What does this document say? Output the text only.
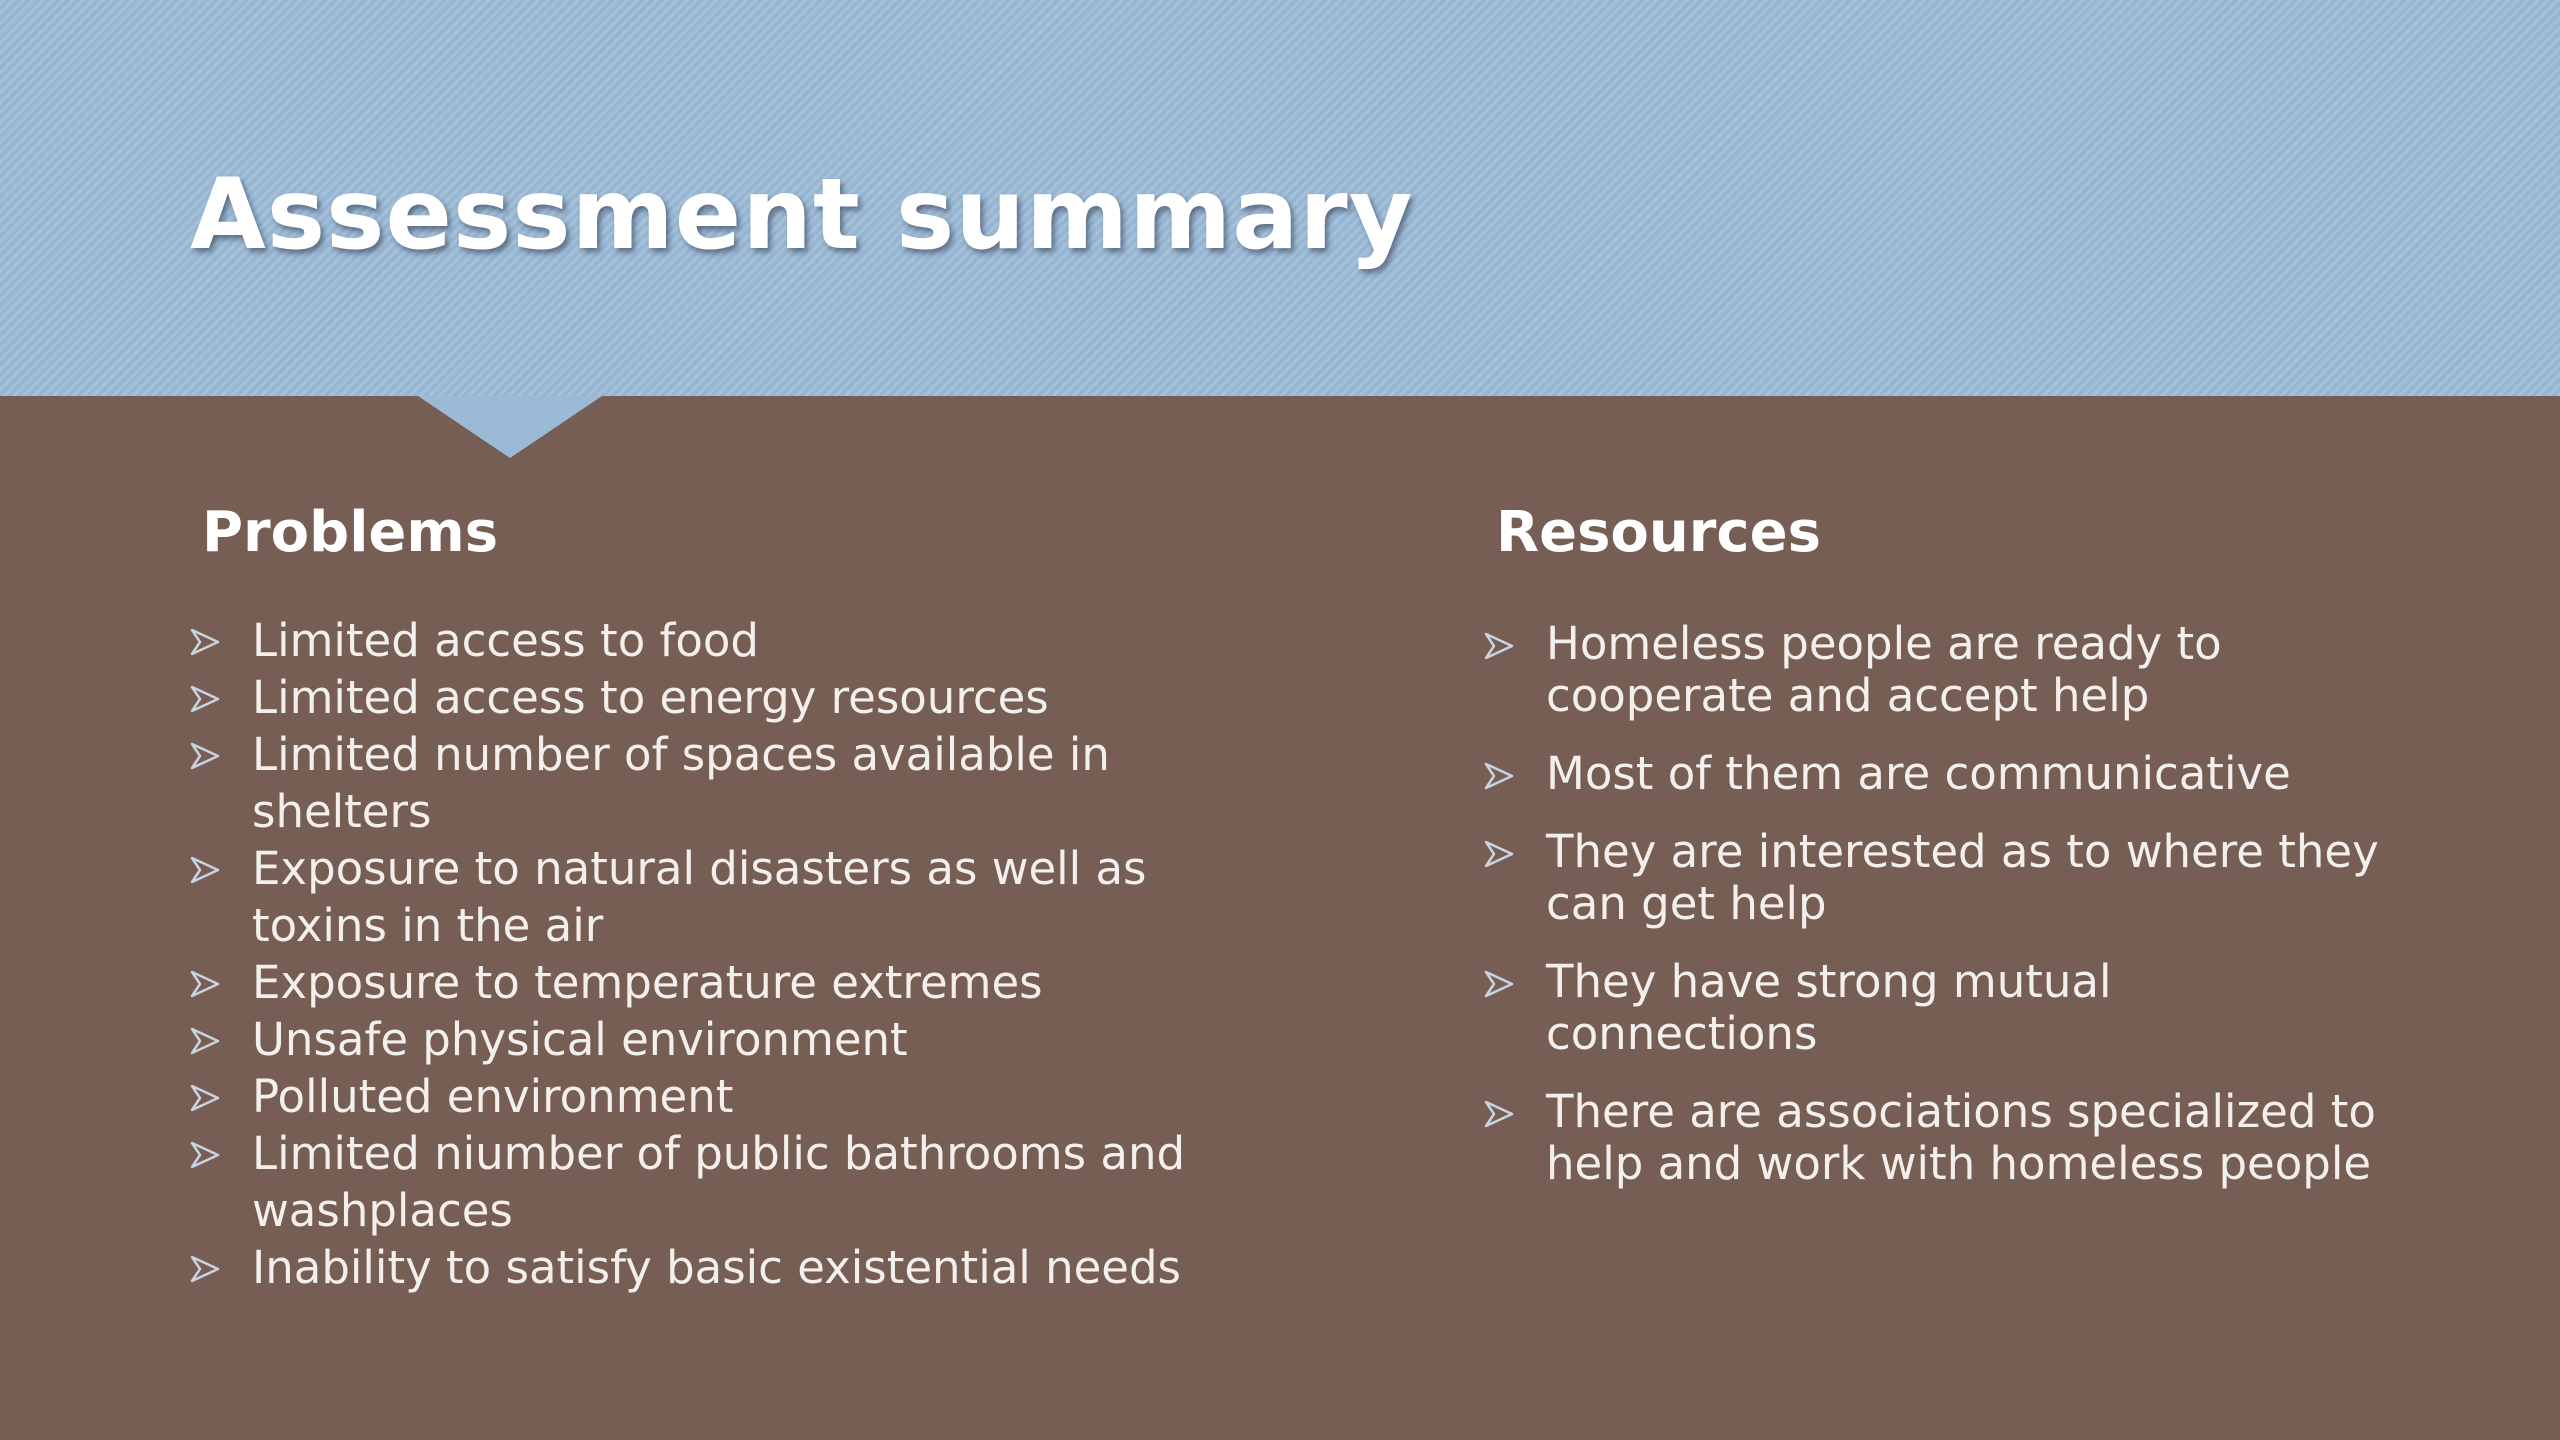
Assessment summary
Problems
Limited access to food
Limited access to energy resources
Limited number of spaces available in shelters
Exposure to natural disasters as well as toxins in the air
Exposure to temperature extremes
Unsafe physical environment
Polluted environment
Limited niumber of public bathrooms and washplaces
Inability to satisfy basic existential needs
Resources
Homeless people are ready to cooperate and accept help
Most of them are communicative
They are interested as to where they can get help
They have strong mutual connections
There are associations specialized to help and work with homeless people
